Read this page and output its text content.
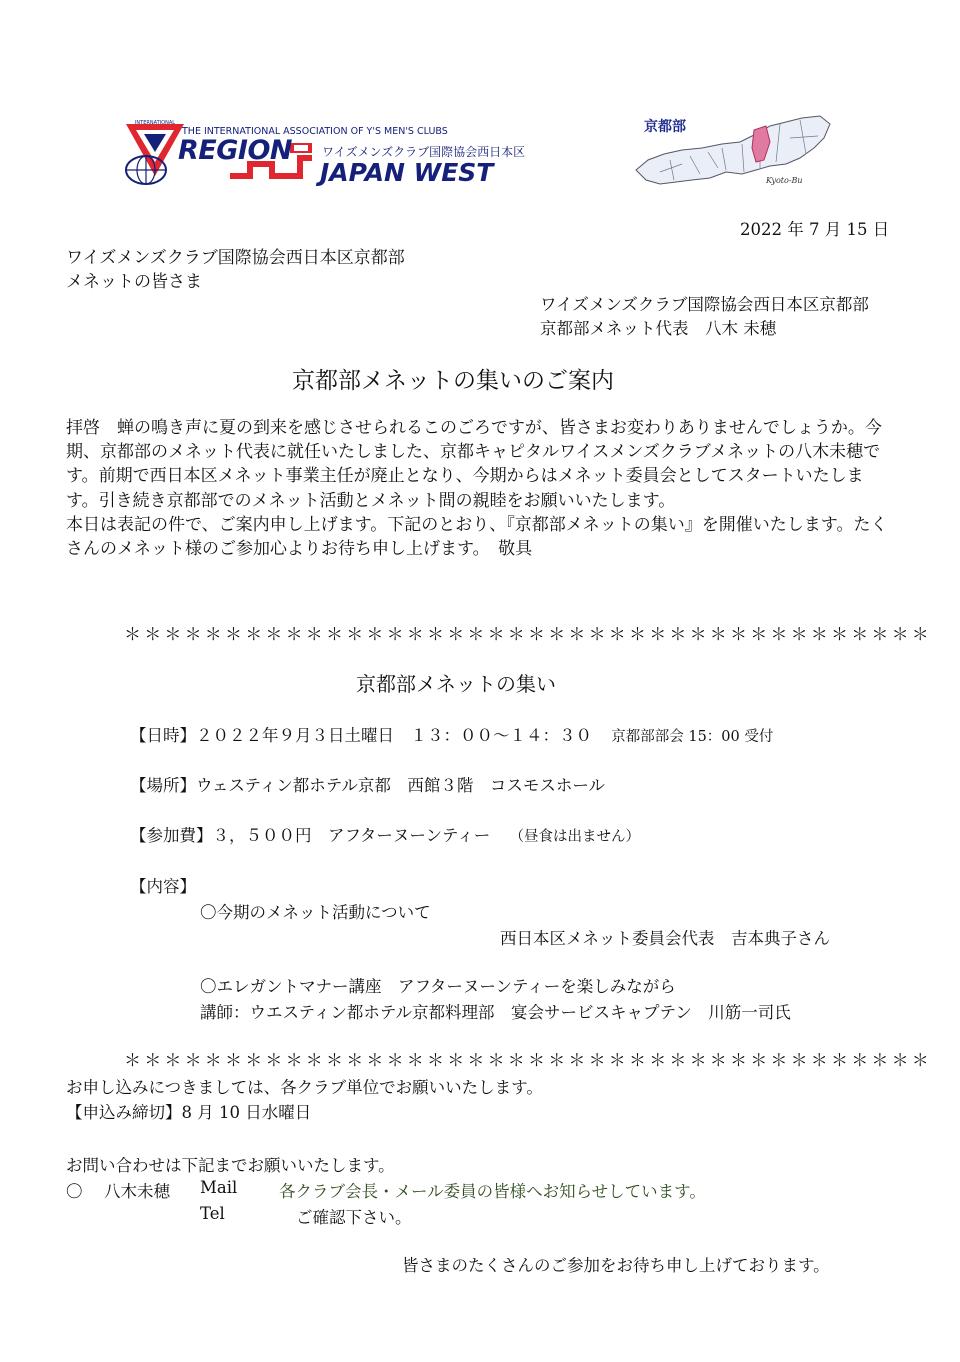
INTERNATIONAL
THE INTERNATIONAL ASSOCIATION OF Y'S MEN'S CLUBS
REGION	ワイズメンズクラブ国際協会西日本区
JAPAN WEST
京都部
Kyoto-Bu
2022 年 7 月 15 日
ワイズメンズクラブ国際協会西日本区京都部
メネットの皆さま
ワイズメンズクラブ国際協会西日本区京都部
京都部メネット代表　八木 未穂
京都部メネットの集いのご案内

拝啓　蝉の鳴き声に夏の到来を感じさせられるこのごろですが、皆さまお変わりありませんでしょうか。今期、京都部のメネット代表に就任いたしました、京都キャピタルワイスメンズクラブメネットの八木未穂です。前期で西日本区メネット事業主任が廃止となり、今期からはメネット委員会としてスタートいたします。引き続き京都部でのメネット活動とメネット間の親睦をお願いいたします。

本日は表記の件で、ご案内申し上げます。下記のとおり、『京都部メネットの集い』を開催いたします。たくさんのメネット様のご参加心よりお待ち申し上げます。　敬具

＊＊＊＊＊＊＊＊＊＊＊＊＊＊＊＊＊＊＊＊＊＊＊＊＊＊＊＊＊＊＊＊＊＊＊＊＊＊＊＊
京都部メネットの集い
【日時】２０２２年９月３日土曜日　１３：００～１４：３０ 京都部部会 15：00 受付
【場所】ウェスティン都ホテル京都　西館３階　コスモスホール
【参加費】３，５００円　アフターヌーンティー （昼食は出ません）
【内容】
〇今期のメネット活動について
西日本区メネット委員会代表　吉本典子さん
〇エレガントマナー講座　アフターヌーンティーを楽しみながら
講師：ウエスティン都ホテル京都料理部　宴会サービスキャプテン　川筋一司氏
＊＊＊＊＊＊＊＊＊＊＊＊＊＊＊＊＊＊＊＊＊＊＊＊＊＊＊＊＊＊＊＊＊＊＊＊＊＊＊＊
お申し込みにつきましては、各クラブ単位でお願いいたします。
【申込み締切】8 月 10 日水曜日
お問い合わせは下記までお願いいたします。
〇 八木未穂 Mail	各クラブ会長・メール委員の皆様へお知らせしています。
Tel	ご確認下さい。
皆さまのたくさんのご参加をお待ち申し上げております。
